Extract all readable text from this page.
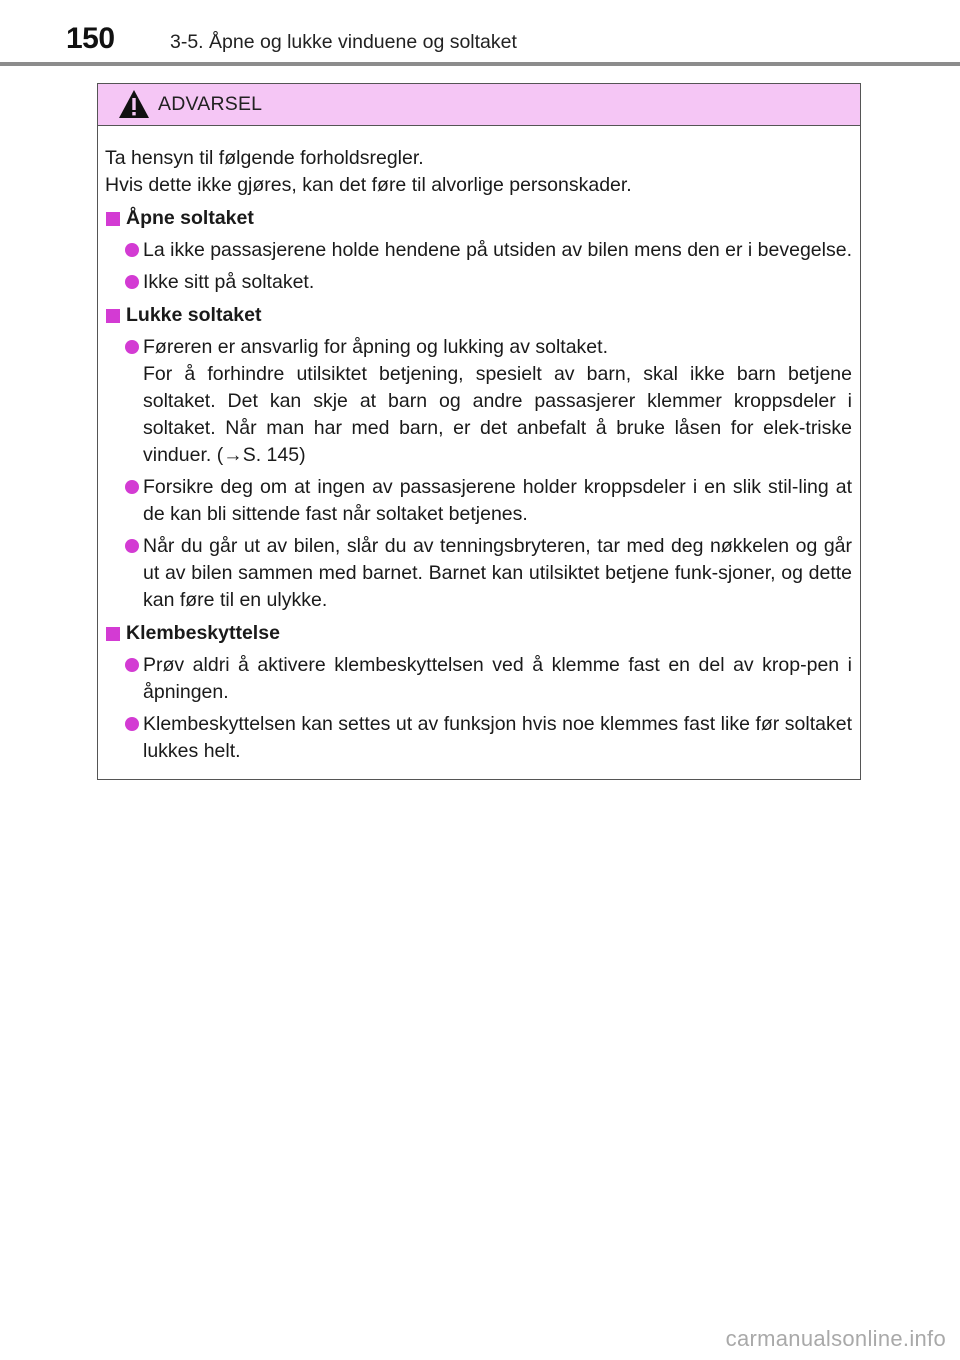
150	3-5. Åpne og lukke vinduene og soltaket
ADVARSEL

Ta hensyn til følgende forholdsregler.

Hvis dette ikke gjøres, kan det føre til alvorlige personskader.

Åpne soltaket

La ikke passasjerene holde hendene på utsiden av bilen mens den er i bevegelse.

Ikke sitt på soltaket.

Lukke soltaket

Føreren er ansvarlig for åpning og lukking av soltaket.

For å forhindre utilsiktet betjening, spesielt av barn, skal ikke barn betjene soltaket. Det kan skje at barn og andre passasjerer klemmer kroppsdeler i soltaket. Når man har med barn, er det anbefalt å bruke låsen for elek-triske vinduer. (→S. 145)

Forsikre deg om at ingen av passasjerene holder kroppsdeler i en slik stil-ling at de kan bli sittende fast når soltaket betjenes.

Når du går ut av bilen, slår du av tenningsbryteren, tar med deg nøkkelen og går ut av bilen sammen med barnet. Barnet kan utilsiktet betjene funk-sjoner, og dette kan føre til en ulykke.

Klembeskyttelse

Prøv aldri å aktivere klembeskyttelsen ved å klemme fast en del av krop-pen i åpningen.

Klembeskyttelsen kan settes ut av funksjon hvis noe klemmes fast like før soltaket lukkes helt.

carmanualsonline.info
